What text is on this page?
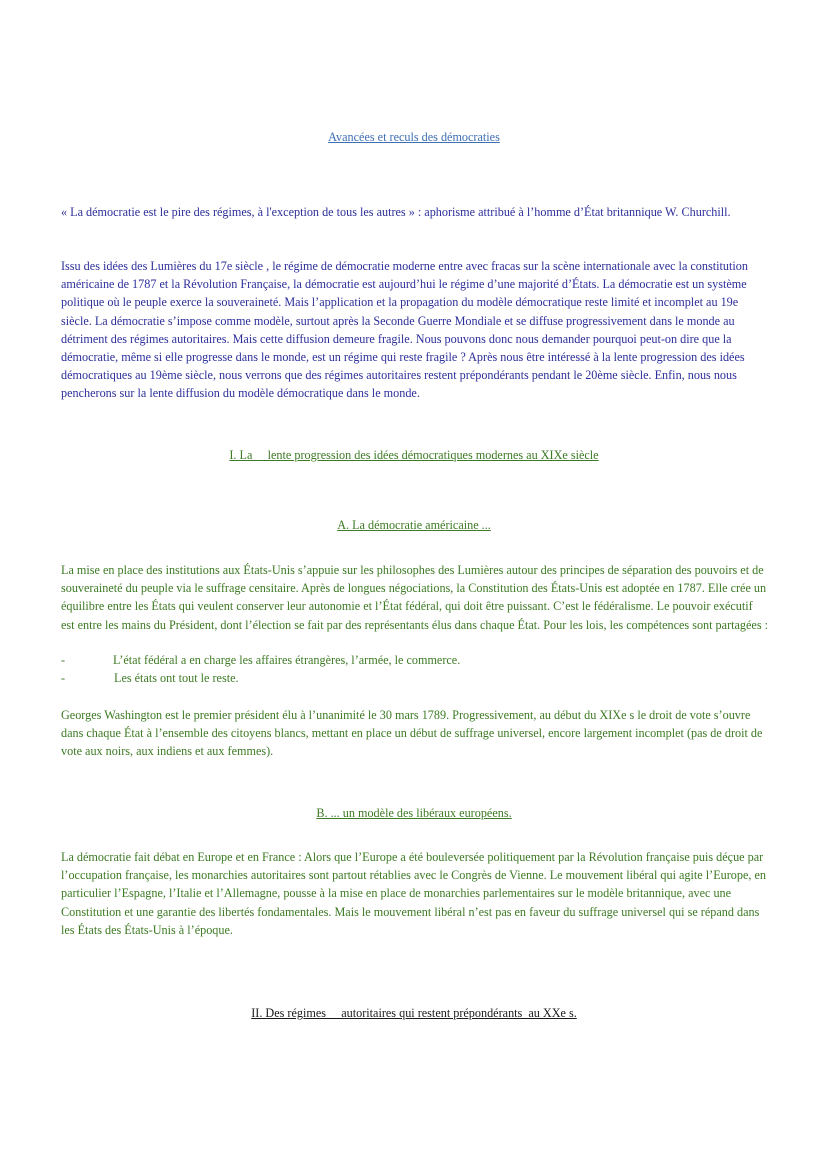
Avancées et reculs des démocraties

« La démocratie est le pire des régimes, à l'exception de tous les autres » : aphorisme attribué à l’homme d’État britannique W. Churchill.

Issu des idées des Lumières du 17e siècle , le régime de démocratie moderne entre avec fracas sur la scène internationale avec la constitution américaine de 1787 et la Révolution Française, la démocratie est aujourd’hui le régime d’une majorité d’États. La démocratie est un système politique où le peuple exerce la souveraineté. Mais l’application et la propagation du modèle démocratique reste limité et incomplet au 19e siècle. La démocratie s’impose comme modèle, surtout après la Seconde Guerre Mondiale et se diffuse progressivement dans le monde au détriment des régimes autoritaires. Mais cette diffusion demeure fragile. Nous pouvons donc nous demander pourquoi peut-on dire que la démocratie, même si elle progresse dans le monde, est un régime qui reste fragile ? Après nous être intéressé à la lente progression des idées démocratiques au 19ème siècle, nous verrons que des régimes autoritaires restent prépondérants pendant le 20ème siècle. Enfin, nous nous pencherons sur la lente diffusion du modèle démocratique dans le monde.

I. La     lente progression des idées démocratiques modernes au XIXe siècle
A. La démocratie américaine ...

La mise en place des institutions aux États-Unis s’appuie sur les philosophes des Lumières autour des principes de séparation des pouvoirs et de souveraineté du peuple via le suffrage censitaire. Après de longues négociations, la Constitution des États-Unis est adoptée en 1787. Elle crée un équilibre entre les États qui veulent conserver leur autonomie et l’État fédéral, qui doit être puissant. C’est le fédéralisme. Le pouvoir exécutif est entre les mains du Président, dont l’élection se fait par des représentants élus dans chaque État. Pour les lois, les compétences sont partagées :

-	L’état fédéral a en charge les affaires étrangères, l’armée, le commerce.
-	Les états ont tout le reste.

Georges Washington est le premier président élu à l’unanimité le 30 mars 1789. Progressivement, au début du XIXe s le droit de vote s’ouvre dans chaque État à l’ensemble des citoyens blancs, mettant en place un début de suffrage universel, encore largement incomplet (pas de droit de vote aux noirs, aux indiens et aux femmes).

B. ... un modèle des libéraux européens.

La démocratie fait débat en Europe et en France : Alors que l’Europe a été bouleversée politiquement par la Révolution française puis déçue par l’occupation française, les monarchies autoritaires sont partout rétablies avec le Congrès de Vienne. Le mouvement libéral qui agite l’Europe, en particulier l’Espagne, l’Italie et l’Allemagne, pousse à la mise en place de monarchies parlementaires sur le modèle britannique, avec une Constitution et une garantie des libertés fondamentales. Mais le mouvement libéral n’est pas en faveur du suffrage universel qui se répand dans les États des États-Unis à l’époque.

II. Des régimes     autoritaires qui restent prépondérants  au XXe s.
